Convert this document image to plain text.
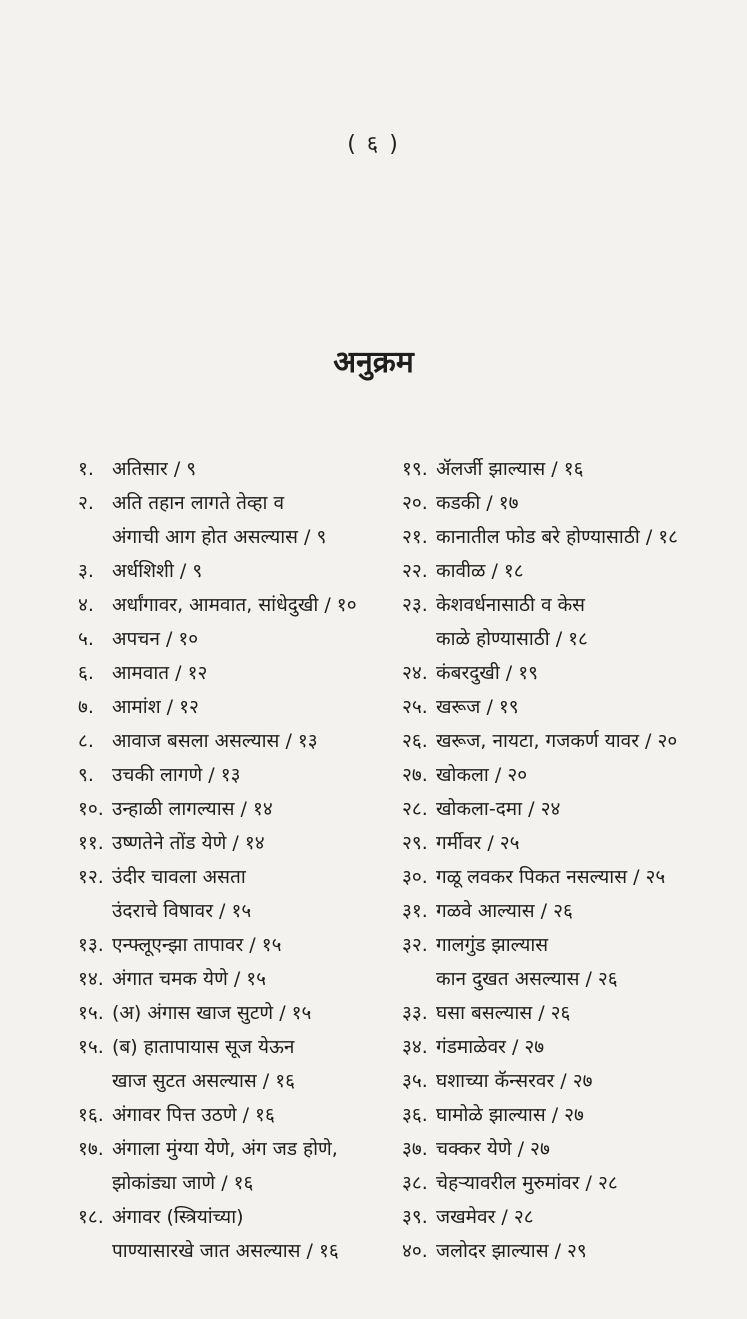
( ६ )
अनुक्रम
१. अतिसार / ९
२. अति तहान लागते तेव्हा व
अंगाची आग होत असल्यास / ९
३. अर्धशिशी / ९
४. अर्धांगावर, आमवात, सांधेदुखी / १०
५. अपचन / १०
६. आमवात / १२
७. आमांश / १२
८. आवाज बसला असल्यास / १३
९. उचकी लागणे / १३
१०. उन्हाळी लागल्यास / १४
११. उष्णतेने तोंड येणे / १४
१२. उंदीर चावला असता
उंदराचे विषावर / १५
१३. एन्फ्लूएन्झा तापावर / १५
१४. अंगात चमक येणे / १५
१५. (अ) अंगास खाज सुटणे / १५
१५. (ब) हातापायास सूज येऊन
खाज सुटत असल्यास / १६
१६. अंगावर पित्त उठणे / १६
१७. अंगाला मुंग्या येणे, अंग जड होणे,
झोकांड्या जाणे / १६
१८. अंगावर (स्त्रियांच्या)
पाण्यासारखे जात असल्यास / १६
१९. ॲलर्जी झाल्यास / १६
२०. कडकी / १७
२१. कानातील फोड बरे होण्यासाठी / १८
२२. कावीळ / १८
२३. केशवर्धनासाठी व केस
काळे होण्यासाठी / १८
२४. कंबरदुखी / १९
२५. खरूज / १९
२६. खरूज, नायटा, गजकर्ण यावर / २०
२७. खोकला / २०
२८. खोकला-दमा / २४
२९. गर्मीवर / २५
३०. गळू लवकर पिकत नसल्यास / २५
३१. गळवे आल्यास / २६
३२. गालगुंड झाल्यास
कान दुखत असल्यास / २६
३३. घसा बसल्यास / २६
३४. गंडमाळेवर / २७
३५. घशाच्या कॅन्सरवर / २७
३६. घामोळे झाल्यास / २७
३७. चक्कर येणे / २७
३८. चेहऱ्यावरील मुरुमांवर / २८
३९. जखमेवर / २८
४०. जलोदर झाल्यास / २९
